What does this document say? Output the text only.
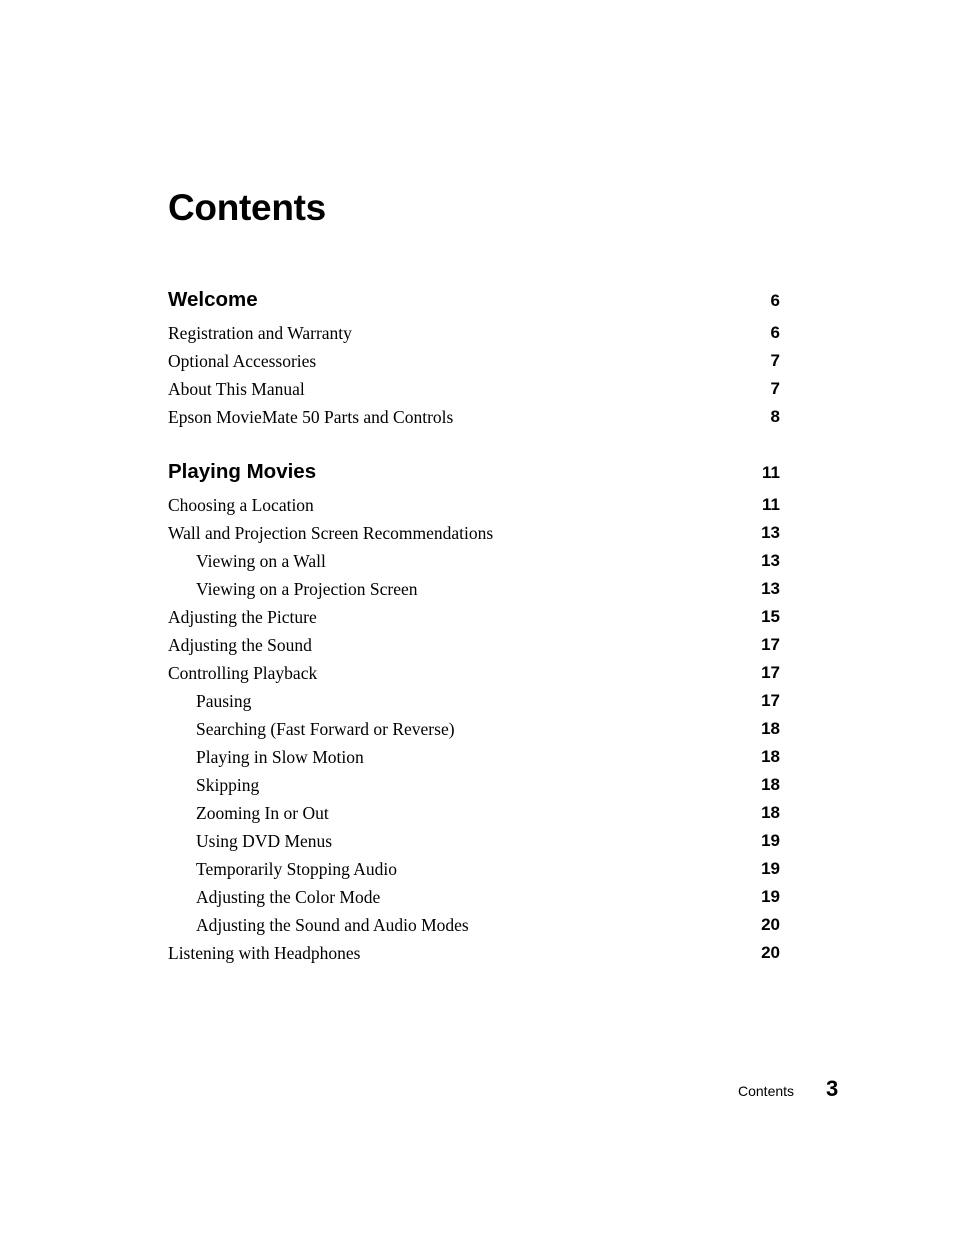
Contents
Welcome	6
Registration and Warranty	6
Optional Accessories	7
About This Manual	7
Epson MovieMate 50 Parts and Controls	8
Playing Movies	11
Choosing a Location	11
Wall and Projection Screen Recommendations	13
Viewing on a Wall	13
Viewing on a Projection Screen	13
Adjusting the Picture	15
Adjusting the Sound	17
Controlling Playback	17
Pausing	17
Searching (Fast Forward or Reverse)	18
Playing in Slow Motion	18
Skipping	18
Zooming In or Out	18
Using DVD Menus	19
Temporarily Stopping Audio	19
Adjusting the Color Mode	19
Adjusting the Sound and Audio Modes	20
Listening with Headphones	20
Contents 3
